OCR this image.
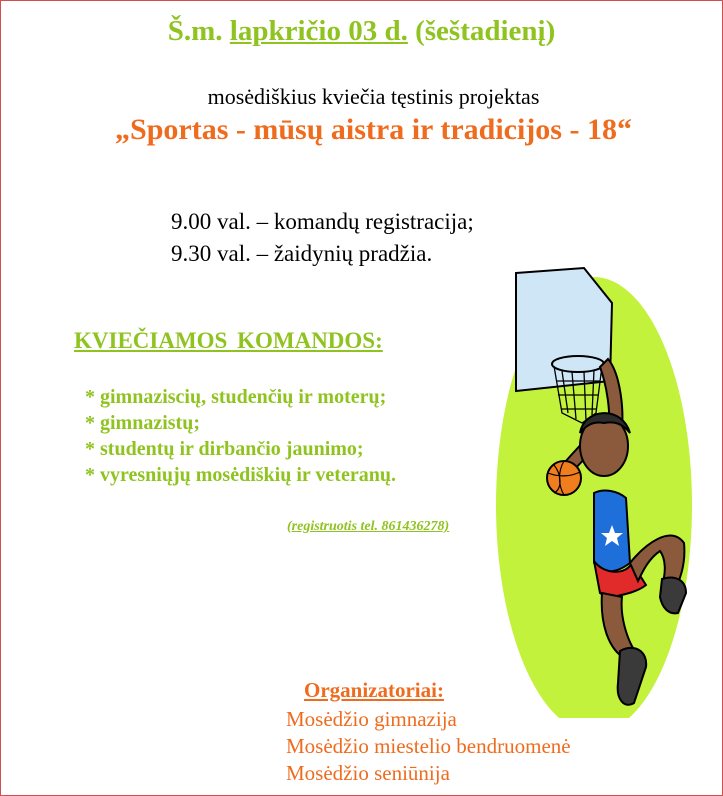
Š.m. lapkričio 03 d. (šeštadienį)
mosėdiškius kviečia tęstinis projektas
„Sportas - mūsų aistra ir tradicijos - 18“
9.00 val. – komandų registracija;
9.30 val. – žaidynių pradžia.
KVIEČIAMOS KOMANDOS:
* gimnaziscių, studenčių ir moterų;
* gimnazistų;
* studentų ir dirbančio jaunimo;
* vyresniųjų mosėdiškių ir veteranų.
(registruotis tel. 861436278)
Organizatoriai:
Mosėdžio gimnazija
Mosėdžio miestelio bendruomenė
Mosėdžio seniūnija
